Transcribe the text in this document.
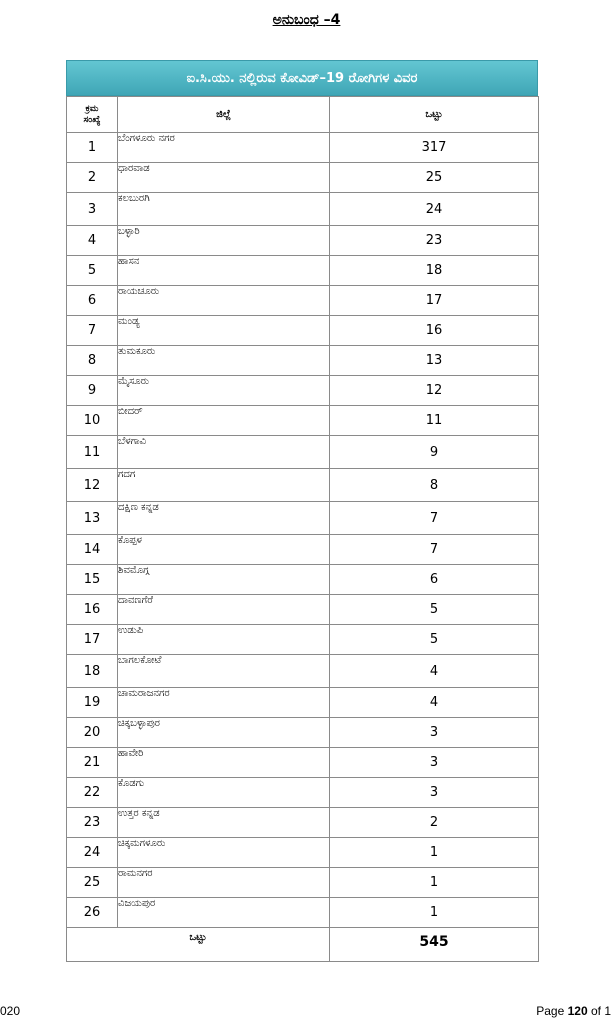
ಅನುಬಂಧ –4
ಐ.ಸಿ.ಯು. ನಲ್ಲಿರುವ ಕೋವಿಡ್–19 ರೋಗಿಗಳ ವಿವರ
ಕ್ರಮ
ಸಂಖ್ಯೆ	ಜಿಲ್ಲೆ	ಒಟ್ಟು
1	ಬೆಂಗಳೂರು ನಗರ	317
2	ಧಾರವಾಡ	25
3	ಕಲಬುರಗಿ	24
4	ಬಳ್ಳಾರಿ	23
5	ಹಾಸನ	18
6	ರಾಯಚೂರು	17
7	ಮಂಡ್ಯ	16
8	ತುಮಕೂರು	13
9	ಮೈಸೂರು	12
10	ಬೀದರ್	11
11	ಬೆಳಗಾವಿ	9
12	ಗದಗ	8
13	ದಕ್ಷಿಣ ಕನ್ನಡ	7
14	ಕೊಪ್ಪಳ	7
15	ಶಿವಮೊಗ್ಗ	6
16	ದಾವಣಗೆರೆ	5
17	ಉಡುಪಿ	5
18	ಬಾಗಲಕೋಟೆ	4
19	ಚಾಮರಾಜನಗರ	4
20	ಚಿಕ್ಕಬಳ್ಳಾಪುರ	3
21	ಹಾವೇರಿ	3
22	ಕೊಡಗು	3
23	ಉತ್ತರ ಕನ್ನಡ	2
24	ಚಿಕ್ಕಮಗಳೂರು	1
25	ರಾಮನಗರ	1
26	ವಿಜಯಪುರ	1
ಒಟ್ಟು		545
020	Page 120 of 1
